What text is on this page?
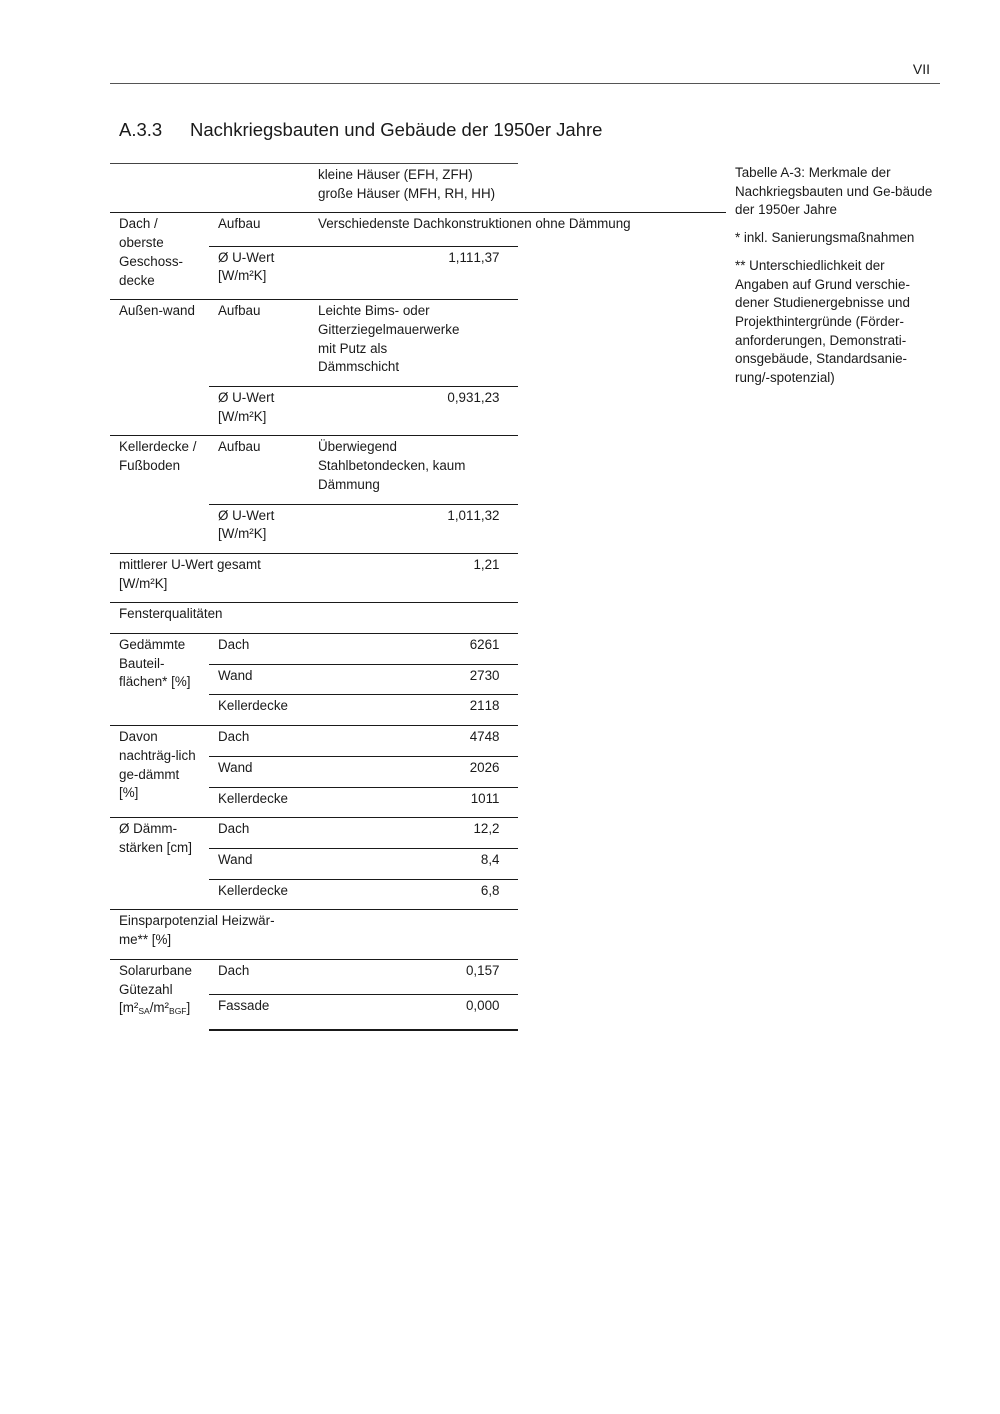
VII
A.3.3 Nachkriegsbauten und Gebäude der 1950er Jahre
		kleine Häuser (EFH, ZFH)große Häuser (MFH, RH, HH)
Dach / oberste Geschoss-decke	Aufbau	Verschiedenste Dachkonstruktionen ohne Dämmung
	Ø U-Wert [W/m²K]	1,11 1,37

Außen-wand	Aufbau	Leichte Bims- oder Gitterziegelmauerwerke mit Putz als Dämmschicht
	Ø U-Wert [W/m²K]	0,93 1,23

Kellerdecke / Fußboden	Aufbau	Überwiegend Stahlbetondecken, kaum Dämmung
	Ø U-Wert [W/m²K]	1,01 1,32

mittlerer U-Wert gesamt [W/m²K]		1,21
Fensterqualitäten		
Gedämmte Bauteil-flächen* [%]	Dach	62 61

	Wand	27 30

	Kellerdecke	21 18

Davon nachträg-lich ge-dämmt [%]	Dach	47 48

	Wand	20 26

	Kellerdecke	10 11

Ø Dämm-stärken [cm]	Dach	12,2
	Wand	8,4
	Kellerdecke	6,8
Einsparpotenzial Heizwär-me** [%]		
Solarurbane Gütezahl
$[m^2_{SA}/m^2_{BGF}]$	Dach	0,157
	Fassade	0,000

Tabelle A-3: Merkmale der Nachkriegsbauten und Ge-bäude der 1950er Jahre

* inkl. Sanierungsmaßnahmen

** Unterschiedlichkeit der Angaben auf Grund verschie-dener Studienergebnisse und Projekthintergründe (Förder-anforderungen, Demonstrati-onsgebäude, Standardsanie-rung/-spotenzial)
